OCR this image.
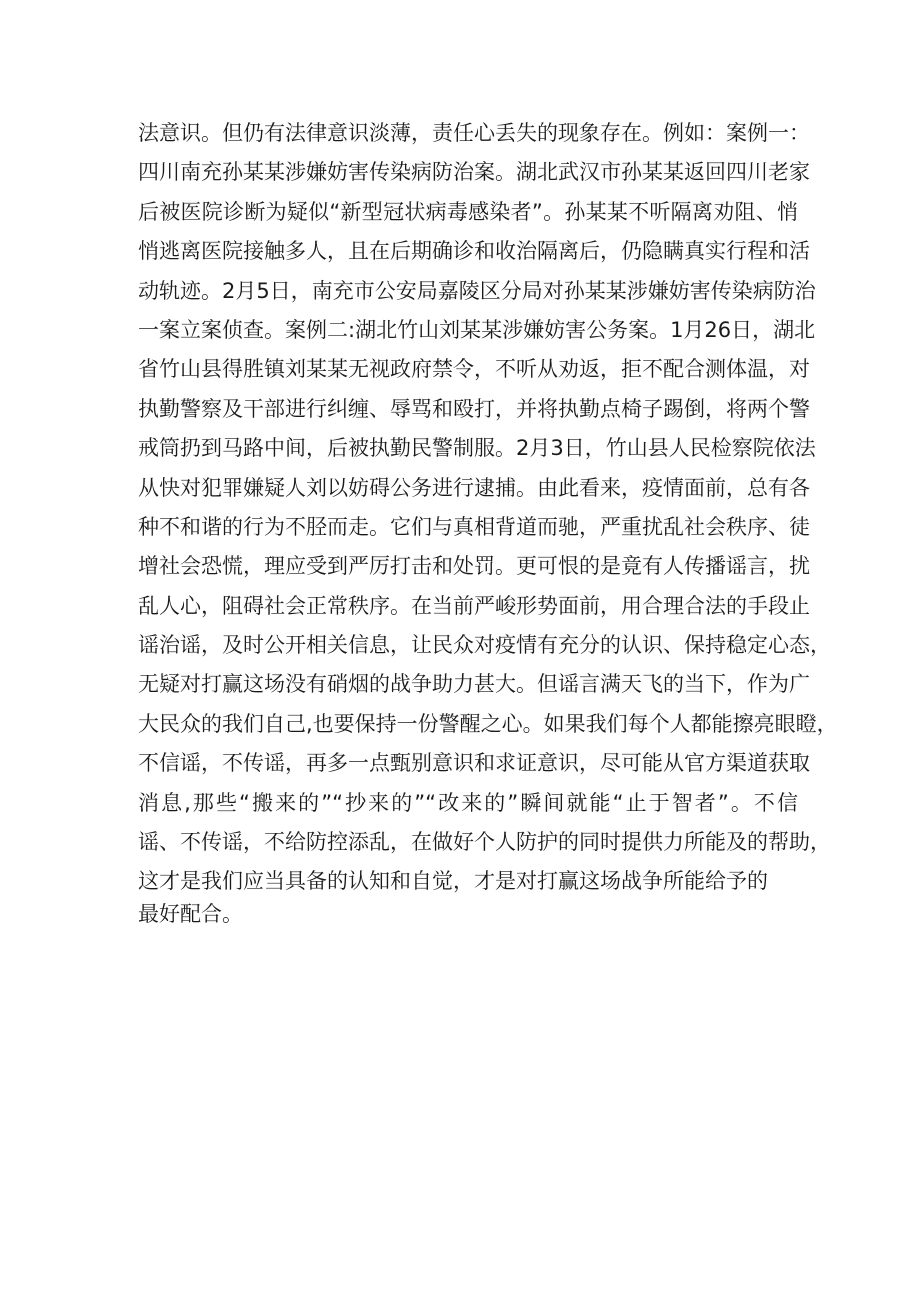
法意识。但仍有法律意识淡薄，责任心丢失的现象存在。例如：案例一：
四川南充孙某某涉嫌妨害传染病防治案。湖北武汉市孙某某返回四川老家
后被医院诊断为疑似“新型冠状病毒感染者”。孙某某不听隔离劝阻、悄
悄逃离医院接触多人，且在后期确诊和收治隔离后，仍隐瞒真实行程和活
动轨迹。2月5日，南充市公安局嘉陵区分局对孙某某涉嫌妨害传染病防治
一案立案侦查。案例二:湖北竹山刘某某涉嫌妨害公务案。1月26日，湖北
省竹山县得胜镇刘某某无视政府禁令，不听从劝返，拒不配合测体温，对
执勤警察及干部进行纠缠、辱骂和殴打，并将执勤点椅子踢倒，将两个警
戒筒扔到马路中间，后被执勤民警制服。2月3日，竹山县人民检察院依法
从快对犯罪嫌疑人刘以妨碍公务进行逮捕。由此看来，疫情面前，总有各
种不和谐的行为不胫而走。它们与真相背道而驰，严重扰乱社会秩序、徒
增社会恐慌，理应受到严厉打击和处罚。更可恨的是竟有人传播谣言，扰
乱人心，阻碍社会正常秩序。在当前严峻形势面前，用合理合法的手段止
谣治谣，及时公开相关信息，让民众对疫情有充分的认识、保持稳定心态，
无疑对打赢这场没有硝烟的战争助力甚大。但谣言满天飞的当下，作为广
大民众的我们自己,也要保持一份警醒之心。如果我们每个人都能擦亮眼瞪，
不信谣，不传谣，再多一点甄别意识和求证意识，尽可能从官方渠道获取
消息,那些“搬来的”“抄来的”“改来的”瞬间就能“止于智者”。不信
谣、不传谣，不给防控添乱，在做好个人防护的同时提供力所能及的帮助，
这才是我们应当具备的认知和自觉，才是对打赢这场战争所能给予的
最好配合。
